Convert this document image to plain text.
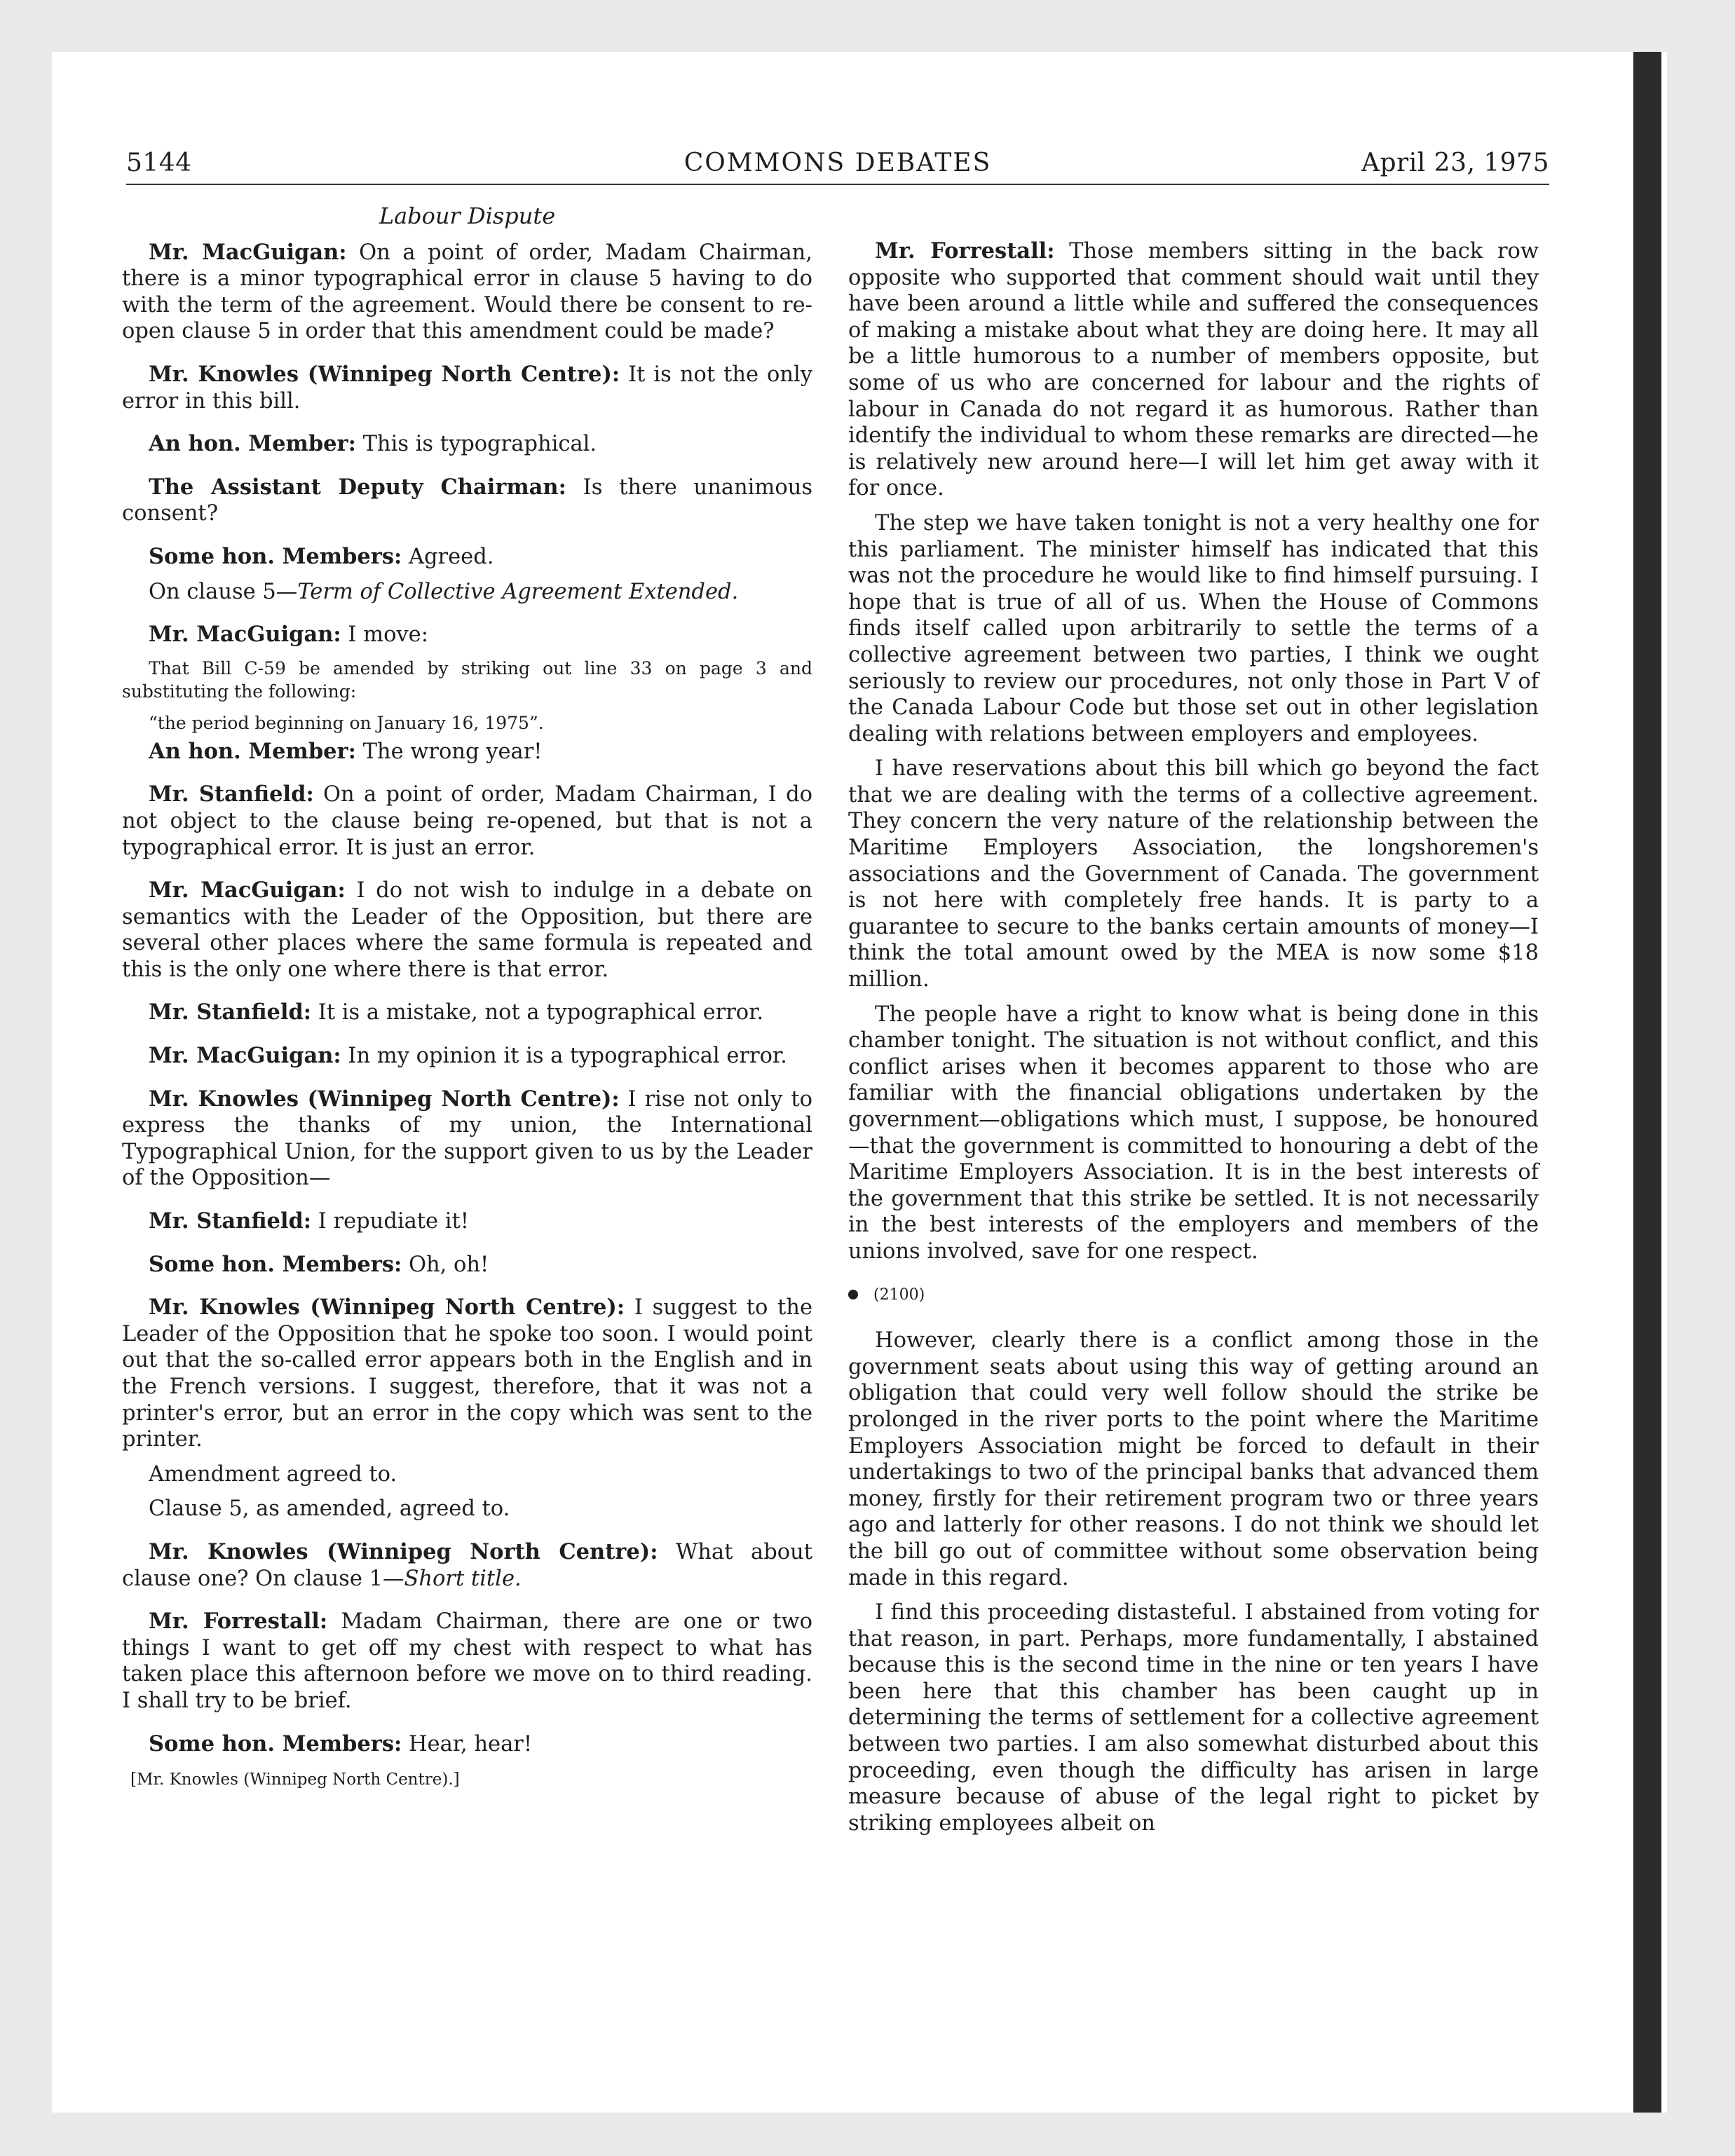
5144	COMMONS DEBATES	April 23, 1975
Labour Dispute

Mr. MacGuigan: On a point of order, Madam Chairman, there is a minor typographical error in clause 5 having to do with the term of the agreement. Would there be consent to re-open clause 5 in order that this amendment could be made?

Mr. Knowles (Winnipeg North Centre): It is not the only error in this bill.

An hon. Member: This is typographical.

The Assistant Deputy Chairman: Is there unanimous consent?

Some hon. Members: Agreed.

On clause 5—Term of Collective Agreement Extended.

Mr. MacGuigan: I move:

That Bill C-59 be amended by striking out line 33 on page 3 and substituting the following:
“the period beginning on January 16, 1975”.

An hon. Member: The wrong year!

Mr. Stanfield: On a point of order, Madam Chairman, I do not object to the clause being re-opened, but that is not a typographical error. It is just an error.

Mr. MacGuigan: I do not wish to indulge in a debate on semantics with the Leader of the Opposition, but there are several other places where the same formula is repeated and this is the only one where there is that error.

Mr. Stanfield: It is a mistake, not a typographical error.

Mr. MacGuigan: In my opinion it is a typographical error.

Mr. Knowles (Winnipeg North Centre): I rise not only to express the thanks of my union, the International Typographical Union, for the support given to us by the Leader of the Opposition—

Mr. Stanfield: I repudiate it!

Some hon. Members: Oh, oh!

Mr. Knowles (Winnipeg North Centre): I suggest to the Leader of the Opposition that he spoke too soon. I would point out that the so-called error appears both in the English and in the French versions. I suggest, therefore, that it was not a printer's error, but an error in the copy which was sent to the printer.

Amendment agreed to.

Clause 5, as amended, agreed to.

Mr. Knowles (Winnipeg North Centre): What about clause one? On clause 1—Short title.

Mr. Forrestall: Madam Chairman, there are one or two things I want to get off my chest with respect to what has taken place this afternoon before we move on to third reading. I shall try to be brief.

Some hon. Members: Hear, hear!

[Mr. Knowles (Winnipeg North Centre).]

Mr. Forrestall: Those members sitting in the back row opposite who supported that comment should wait until they have been around a little while and suffered the consequences of making a mistake about what they are doing here. It may all be a little humorous to a number of members opposite, but some of us who are concerned for labour and the rights of labour in Canada do not regard it as humorous. Rather than identify the individual to whom these remarks are directed—he is relatively new around here—I will let him get away with it for once.

The step we have taken tonight is not a very healthy one for this parliament. The minister himself has indicated that this was not the procedure he would like to find himself pursuing. I hope that is true of all of us. When the House of Commons finds itself called upon arbitrarily to settle the terms of a collective agreement between two parties, I think we ought seriously to review our procedures, not only those in Part V of the Canada Labour Code but those set out in other legislation dealing with relations between employers and employees.

I have reservations about this bill which go beyond the fact that we are dealing with the terms of a collective agreement. They concern the very nature of the relationship between the Maritime Employers Association, the longshoremen's associations and the Government of Canada. The government is not here with completely free hands. It is party to a guarantee to secure to the banks certain amounts of money—I think the total amount owed by the MEA is now some $18 million.

The people have a right to know what is being done in this chamber tonight. The situation is not without conflict, and this conflict arises when it becomes apparent to those who are familiar with the financial obligations undertaken by the government—obligations which must, I suppose, be honoured—that the government is committed to honouring a debt of the Maritime Employers Association. It is in the best interests of the government that this strike be settled. It is not necessarily in the best interests of the employers and members of the unions involved, save for one respect.

(2100)

However, clearly there is a conflict among those in the government seats about using this way of getting around an obligation that could very well follow should the strike be prolonged in the river ports to the point where the Maritime Employers Association might be forced to default in their undertakings to two of the principal banks that advanced them money, firstly for their retirement program two or three years ago and latterly for other reasons. I do not think we should let the bill go out of committee without some observation being made in this regard.

I find this proceeding distasteful. I abstained from voting for that reason, in part. Perhaps, more fundamentally, I abstained because this is the second time in the nine or ten years I have been here that this chamber has been caught up in determining the terms of settlement for a collective agreement between two parties. I am also somewhat disturbed about this proceeding, even though the difficulty has arisen in large measure because of abuse of the legal right to picket by striking employees albeit on
